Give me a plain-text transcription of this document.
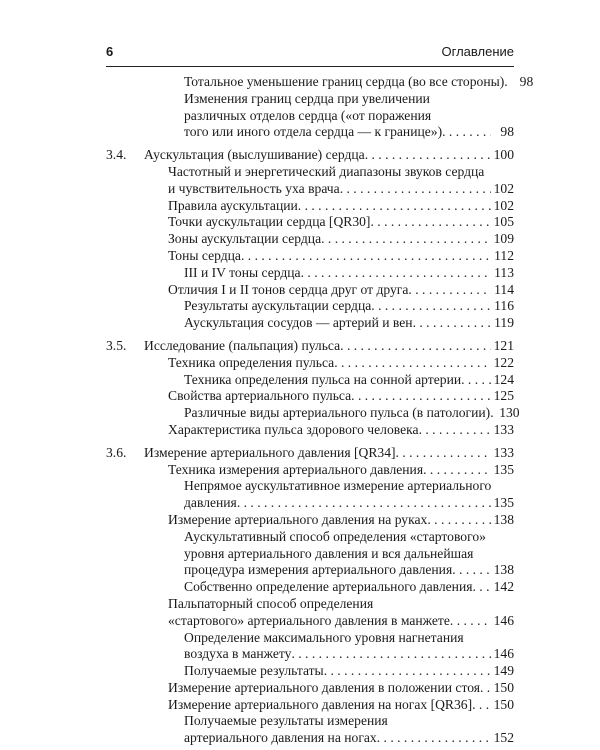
6	Оглавление
Тотальное уменьшение границ сердца (во все стороны) . . .	98
Изменения границ сердца при увеличении
различных отделов сердца («от поражения
того или иного отдела сердца — к границе») . . .	98
3.4.	Аускультация (выслушивание) сердца . . .	100
Частотный и энергетический диапазоны звуков сердца
и чувствительность уха врача . . .	102
Правила аускультации . . .	102
Точки аускультации сердца [QR30] . . .	105
Зоны аускультации сердца . . .	109
Тоны сердца . . .	112
III и IV тоны сердца . . .	113
Отличия I и II тонов сердца друг от друга . . .	114
Результаты аускультации сердца . . .	116
Аускультация сосудов — артерий и вен . . .	119
3.5.	Исследование (пальпация) пульса . . .	121
Техника определения пульса . . .	122
Техника определения пульса на сонной артерии . . . 124
Свойства артериального пульса . . .	125
Различные виды артериального пульса (в патологии) . . . 130
Характеристика пульса здорового человека . . .	133
3.6.	Измерение артериального давления [QR34] . . .	133
Техника измерения артериального давления . . .	135
Непрямое аускультативное измерение артериального
давления . . .	135
Измерение артериального давления на руках . . .	138
Аускультативный способ определения «стартового»
уровня артериального давления и вся дальнейшая
процедура измерения артериального давления . . .	138
Собственно определение артериального давления . . . 142
Пальпаторный способ определения
«стартового» артериального давления в манжете . . .	146
Определение максимального уровня нагнетания
воздуха в манжету . . .	146
Получаемые результаты . . .	149
Измерение артериального давления в положении стоя . . . 150
Измерение артериального давления на ногах [QR36] . . . 150
Получаемые результаты измерения
артериального давления на ногах . . .	152
